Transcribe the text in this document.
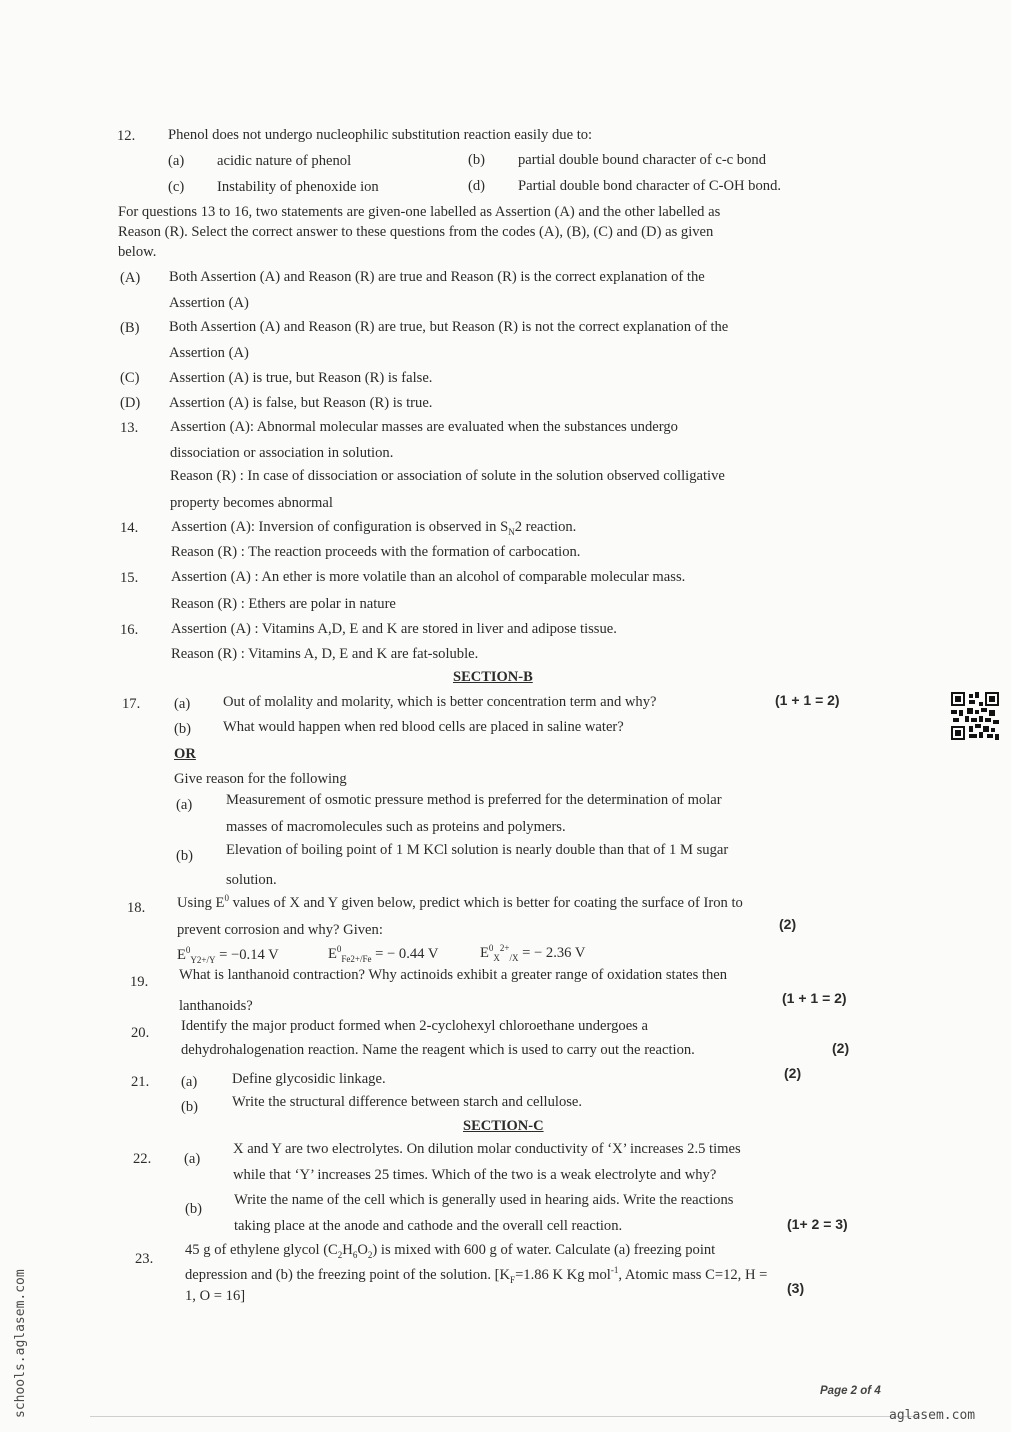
12. Phenol does not undergo nucleophilic substitution reaction easily due to:
(a) acidic nature of phenol	(b) partial double bound character of c-c bond
(c) Instability of phenoxide ion	(d) Partial double bond character of C-OH bond.
For questions 13 to 16, two statements are given-one labelled as Assertion (A) and the other labelled as
Reason (R). Select the correct answer to these questions from the codes (A), (B), (C) and (D) as given
below.
(A) Both Assertion (A) and Reason (R) are true and Reason (R) is the correct explanation of the
Assertion (A)
(B) Both Assertion (A) and Reason (R) are true, but Reason (R) is not the correct explanation of the
Assertion (A)
(C) Assertion (A) is true, but Reason (R) is false.
(D) Assertion (A) is false, but Reason (R) is true.
13. Assertion (A): Abnormal molecular masses are evaluated when the substances undergo
dissociation or association in solution.
Reason (R) : In case of dissociation or association of solute in the solution observed colligative
property becomes abnormal
14. Assertion (A): Inversion of configuration is observed in $S_N2$ reaction.
Reason (R) : The reaction proceeds with the formation of carbocation.
15. Assertion (A) : An ether is more volatile than an alcohol of comparable molecular mass.
Reason (R) : Ethers are polar in nature
16. Assertion (A) : Vitamins A,D, E and K are stored in liver and adipose tissue.
Reason (R) : Vitamins A, D, E and K are fat-soluble.
SECTION-B
17. (a) Out of molality and molarity, which is better concentration term and why?	(1 + 1 = 2)
(b) What would happen when red blood cells are placed in saline water?
OR
Give reason for the following
(a) Measurement of osmotic pressure method is preferred for the determination of molar
masses of macromolecules such as proteins and polymers.
(b) Elevation of boiling point of 1 M KCl solution is nearly double than that of 1 M sugar
solution.
18. Using $E^0$ values of X and Y given below, predict which is better for coating the surface of Iron to
prevent corrosion and why? Given:	(2)
$E^0_{Y2+/Y} = -0.14$ V	$E^0_{Fe2+/Fe}$ = − 0.44 V	$E^0_X^{2+}_{/X}$ = − 2.36 V
19. What is lanthanoid contraction? Why actinoids exhibit a greater range of oxidation states then
lanthanoids?	(1 + 1 = 2)
20. Identify the major product formed when 2-cyclohexyl chloroethane undergoes a
dehydrohalogenation reaction. Name the reagent which is used to carry out the reaction.	(2)
21. (a) Define glycosidic linkage.	(2)
(b) Write the structural difference between starch and cellulose.
SECTION-C
22. (a)
X and Y are two electrolytes. On dilution molar conductivity of ‘X’ increases 2.5 times
while that ‘Y’ increases 25 times. Which of the two is a weak electrolyte and why?
(b)
Write the name of the cell which is generally used in hearing aids. Write the reactions
taking place at the anode and cathode and the overall cell reaction.	(1+ 2 = 3)
23.
45 g of ethylene glycol $(C_2H_6O_2)$ is mixed with 600 g of water. Calculate (a) freezing point
depression and (b) the freezing point of the solution. [$K_F=1.86$ K Kg mol$^{-1}$, Atomic mass C=12, H =
1, O = 16]	(3)
Page 2 of 4
aglasem.com
schools.aglasem.com
